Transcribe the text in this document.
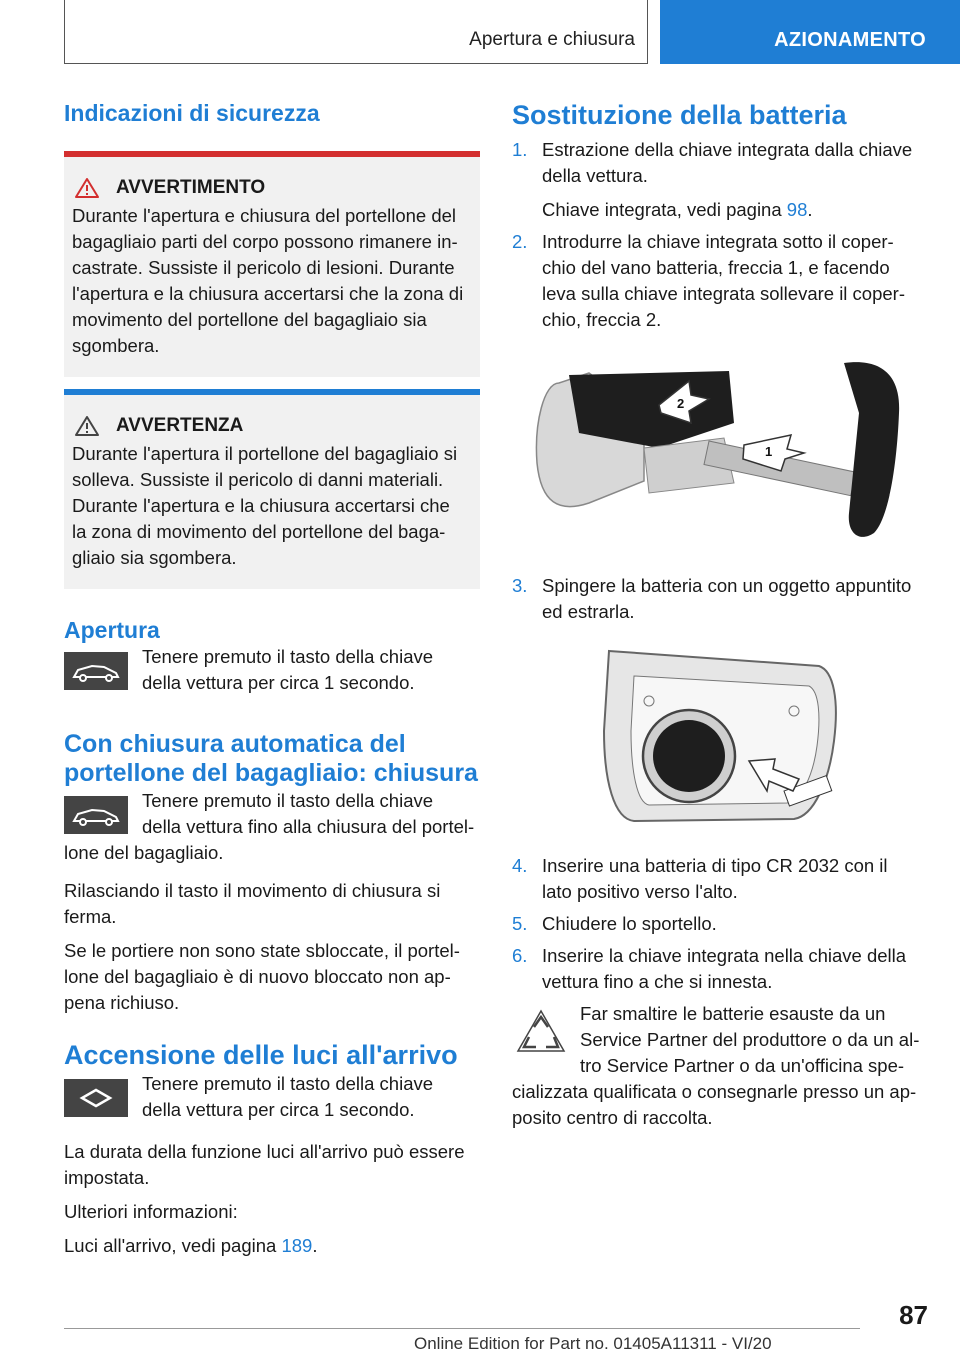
Apertura e chiusura	AZIONAMENTO
Indicazioni di sicurezza
AVVERTIMENTO

Durante l'apertura e chiusura del portellone del

bagagliaio parti del corpo possono rimanere in-

castrate. Sussiste il pericolo di lesioni. Durante

l'apertura e la chiusura accertarsi che la zona di

movimento del portellone del bagagliaio sia

sgombera.

AVVERTENZA

Durante l'apertura il portellone del bagagliaio si

solleva. Sussiste il pericolo di danni materiali.

Durante l'apertura e la chiusura accertarsi che

la zona di movimento del portellone del baga-

gliaio sia sgombera.

Apertura

Tenere premuto il tasto della chiave

della vettura per circa 1 secondo.

Con chiusura automatica del
portellone del bagagliaio: chiusura

Tenere premuto il tasto della chiave

della vettura fino alla chiusura del portel-

lone del bagagliaio.

Rilasciando il tasto il movimento di chiusura si

ferma.

Se le portiere non sono state sbloccate, il portel-

lone del bagagliaio è di nuovo bloccato non ap-

pena richiuso.

Accensione delle luci all'arrivo

Tenere premuto il tasto della chiave

della vettura per circa 1 secondo.

La durata della funzione luci all'arrivo può essere

impostata.

Ulteriori informazioni:

Luci all'arrivo, vedi pagina 189.

Sostituzione della batteria
1. Estrazione della chiave integrata dalla chiave
della vettura.
Chiave integrata, vedi pagina 98.
2. Introdurre la chiave integrata sotto il coper-
chio del vano batteria, freccia 1, e facendo
leva sulla chiave integrata sollevare il coper-
chio, freccia 2.
1
2
3. Spingere la batteria con un oggetto appuntito
ed estrarla.
4. Inserire una batteria di tipo CR 2032 con il
lato positivo verso l'alto.
5. Chiudere lo sportello.
6. Inserire la chiave integrata nella chiave della
vettura fino a che si innesta.

Far smaltire le batterie esauste da un

Service Partner del produttore o da un al-

tro Service Partner o da un'officina spe-

cializzata qualificata o consegnarle presso un ap-

posito centro di raccolta.

87
Online Edition for Part no. 01405A11311 - VI/20
